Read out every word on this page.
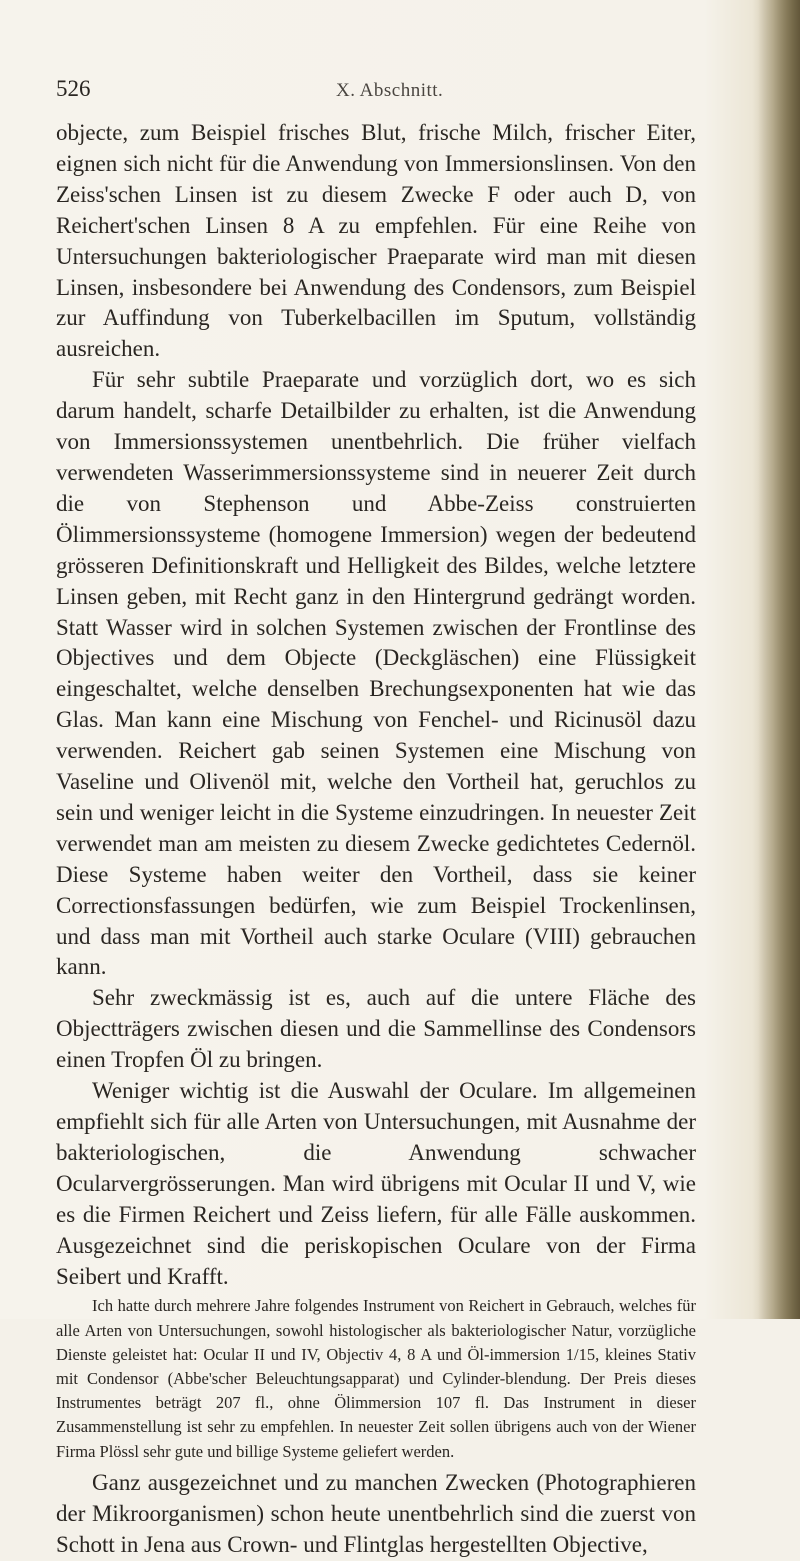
526	X. Abschnitt.

objecte, zum Beispiel frisches Blut, frische Milch, frischer Eiter, eignen sich nicht für die Anwendung von Immersionslinsen. Von den Zeiss'schen Linsen ist zu diesem Zwecke F oder auch D, von Reichert'schen Linsen 8 A zu empfehlen. Für eine Reihe von Untersuchungen bakteriologischer Praeparate wird man mit diesen Linsen, insbesondere bei Anwendung des Condensors, zum Beispiel zur Auffindung von Tuberkelbacillen im Sputum, vollständig ausreichen.

Für sehr subtile Praeparate und vorzüglich dort, wo es sich darum handelt, scharfe Detailbilder zu erhalten, ist die Anwendung von Immersionssystemen unentbehrlich. Die früher vielfach verwendeten Wasserimmersionssysteme sind in neuerer Zeit durch die von Stephenson und Abbe-Zeiss construierten Ölimmersionssysteme (homogene Immersion) wegen der bedeutend grösseren Definitionskraft und Helligkeit des Bildes, welche letztere Linsen geben, mit Recht ganz in den Hintergrund gedrängt worden. Statt Wasser wird in solchen Systemen zwischen der Frontlinse des Objectives und dem Objecte (Deckgläschen) eine Flüssigkeit eingeschaltet, welche denselben Brechungsexponenten hat wie das Glas. Man kann eine Mischung von Fenchel- und Ricinusöl dazu verwenden. Reichert gab seinen Systemen eine Mischung von Vaseline und Olivenöl mit, welche den Vortheil hat, geruchlos zu sein und weniger leicht in die Systeme einzudringen. In neuester Zeit verwendet man am meisten zu diesem Zwecke gedichtetes Cedernöl. Diese Systeme haben weiter den Vortheil, dass sie keiner Correctionsfassungen bedürfen, wie zum Beispiel Trockenlinsen, und dass man mit Vortheil auch starke Oculare (VIII) gebrauchen kann.

Sehr zweckmässig ist es, auch auf die untere Fläche des Objectträgers zwischen diesen und die Sammellinse des Condensors einen Tropfen Öl zu bringen.

Weniger wichtig ist die Auswahl der Oculare. Im allgemeinen empfiehlt sich für alle Arten von Untersuchungen, mit Ausnahme der bakteriologischen, die Anwendung schwacher Ocularvergrösserungen. Man wird übrigens mit Ocular II und V, wie es die Firmen Reichert und Zeiss liefern, für alle Fälle auskommen. Ausgezeichnet sind die periskopischen Oculare von der Firma Seibert und Krafft.

Ich hatte durch mehrere Jahre folgendes Instrument von Reichert in Gebrauch, welches für alle Arten von Untersuchungen, sowohl histologischer als bakteriologischer Natur, vorzügliche Dienste geleistet hat: Ocular II und IV, Objectiv 4, 8 A und Öl-immersion 1/15, kleines Stativ mit Condensor (Abbe'scher Beleuchtungsapparat) und Cylinder-blendung. Der Preis dieses Instrumentes beträgt 207 fl., ohne Ölimmersion 107 fl. Das Instrument in dieser Zusammenstellung ist sehr zu empfehlen. In neuester Zeit sollen übrigens auch von der Wiener Firma Plössl sehr gute und billige Systeme geliefert werden.

Ganz ausgezeichnet und zu manchen Zwecken (Photographieren der Mikroorganismen) schon heute unentbehrlich sind die zuerst von Schott in Jena aus Crown- und Flintglas hergestellten Objective,
